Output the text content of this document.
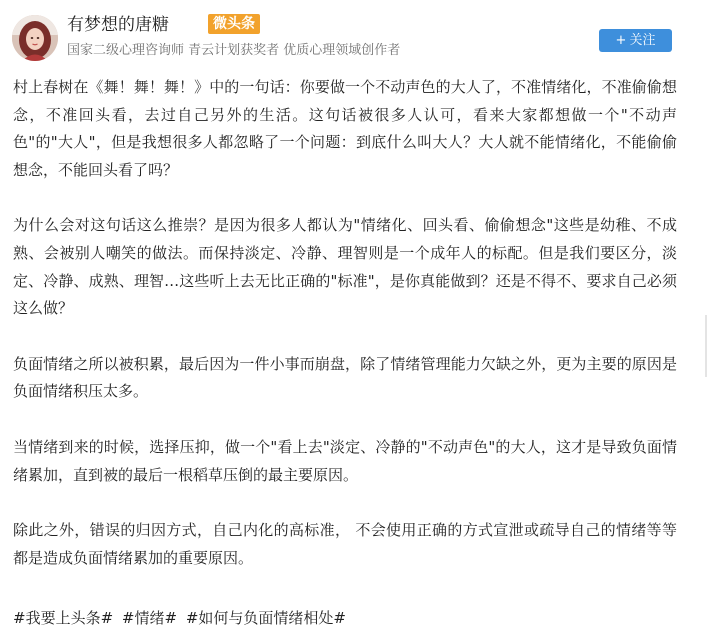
有梦想的唐糖	微头条
国家二级心理咨询师 青云计划获奖者 优质心理领域创作者
+ 关注

村上春树在《舞！舞！舞！》中的一句话：你要做一个不动声色的大人了，不准情绪化，不准偷偷想念，不准回头看，去过自己另外的生活。这句话被很多人认可，看来大家都想做一个"不动声色"的"大人"，但是我想很多人都忽略了一个问题：到底什么叫大人？大人就不能情绪化，不能偷偷想念，不能回头看了吗？

为什么会对这句话这么推崇？是因为很多人都认为"情绪化、回头看、偷偷想念"这些是幼稚、不成熟、会被别人嘲笑的做法。而保持淡定、冷静、理智则是一个成年人的标配。但是我们要区分，淡定、冷静、成熟、理智…这些听上去无比正确的"标准"，是你真能做到？还是不得不、要求自己必须这么做？

负面情绪之所以被积累，最后因为一件小事而崩盘，除了情绪管理能力欠缺之外，更为主要的原因是负面情绪积压太多。

当情绪到来的时候，选择压抑，做一个"看上去"淡定、冷静的"不动声色"的大人，这才是导致负面情绪累加，直到被的最后一根稻草压倒的最主要原因。

除此之外，错误的归因方式，自己内化的高标准， 不会使用正确的方式宣泄或疏导自己的情绪等等都是造成负面情绪累加的重要原因。

#我要上头条# #情绪# #如何与负面情绪相处#
